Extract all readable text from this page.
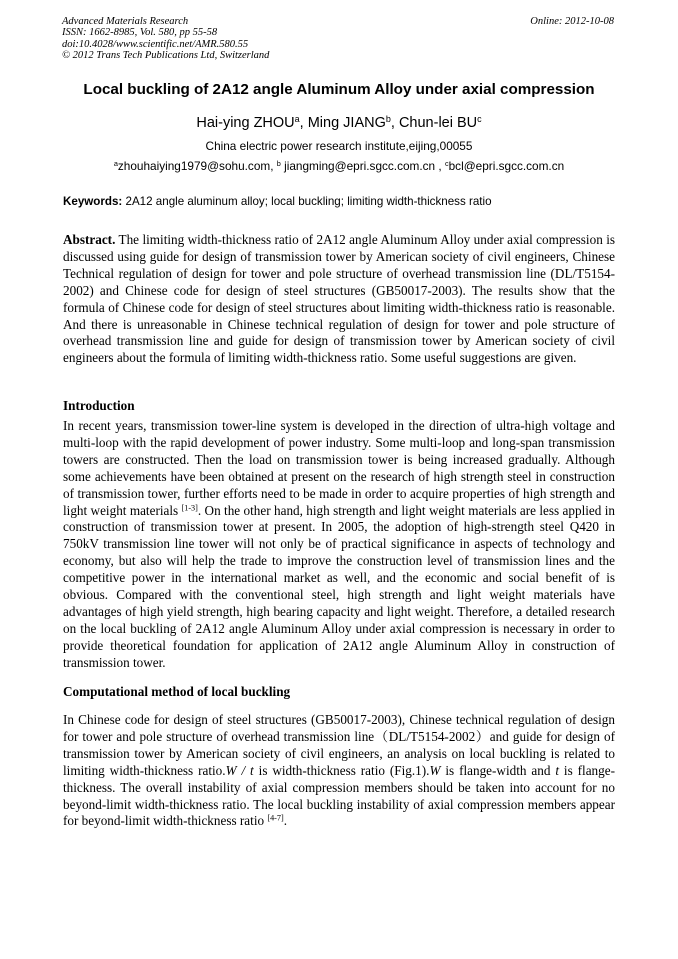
Advanced Materials Research
ISSN: 1662-8985, Vol. 580, pp 55-58
doi:10.4028/www.scientific.net/AMR.580.55
© 2012 Trans Tech Publications Ltd, Switzerland
Online: 2012-10-08
Local buckling of 2A12 angle Aluminum Alloy under axial compression
Hai-ying ZHOU$^a$, Ming JIANG$^b$, Chun-lei $BU^c$
China electric power research institute,eijing,00055
$^a$zhouhaiying1979@sohu.com, $^b$ jiangming@epri.sgcc.com.cn , $^c$bcl@epri.sgcc.com.cn
Keywords: 2A12 angle aluminum alloy; local buckling; limiting width-thickness ratio
Abstract. The limiting width-thickness ratio of 2A12 angle Aluminum Alloy under axial compression is discussed using guide for design of transmission tower by American society of civil engineers, Chinese Technical regulation of design for tower and pole structure of overhead transmission line (DL/T5154-2002) and Chinese code for design of steel structures (GB50017-2003). The results show that the formula of Chinese code for design of steel structures about limiting width-thickness ratio is reasonable. And there is unreasonable in Chinese technical regulation of design for tower and pole structure of overhead transmission line and guide for design of transmission tower by American society of civil engineers about the formula of limiting width-thickness ratio. Some useful suggestions are given.
Introduction
In recent years, transmission tower-line system is developed in the direction of ultra-high voltage and multi-loop with the rapid development of power industry. Some multi-loop and long-span transmission towers are constructed. Then the load on transmission tower is being increased gradually. Although some achievements have been obtained at present on the research of high strength steel in construction of transmission tower, further efforts need to be made in order to acquire properties of high strength and light weight materials [1-3]. On the other hand, high strength and light weight materials are less applied in construction of transmission tower at present. In 2005, the adoption of high-strength steel Q420 in 750kV transmission line tower will not only be of practical significance in aspects of technology and economy, but also will help the trade to improve the construction level of transmission lines and the competitive power in the international market as well, and the economic and social benefit of is obvious. Compared with the conventional steel, high strength and light weight materials have advantages of high yield strength, high bearing capacity and light weight. Therefore, a detailed research on the local buckling of 2A12 angle Aluminum Alloy under axial compression is necessary in order to provide theoretical foundation for application of 2A12 angle Aluminum Alloy in construction of transmission tower.
Computational method of local buckling
In Chinese code for design of steel structures (GB50017-2003), Chinese technical regulation of design for tower and pole structure of overhead transmission line（DL/T5154-2002）and guide for design of transmission tower by American society of civil engineers, an analysis on local buckling is related to limiting width-thickness ratio.W / t is width-thickness ratio (Fig.1).W is flange-width and t is flange- thickness. The overall instability of axial compression members should be taken into account for no beyond-limit width-thickness ratio. The local buckling instability of axial compression members appear for beyond-limit width-thickness ratio [4-7].
